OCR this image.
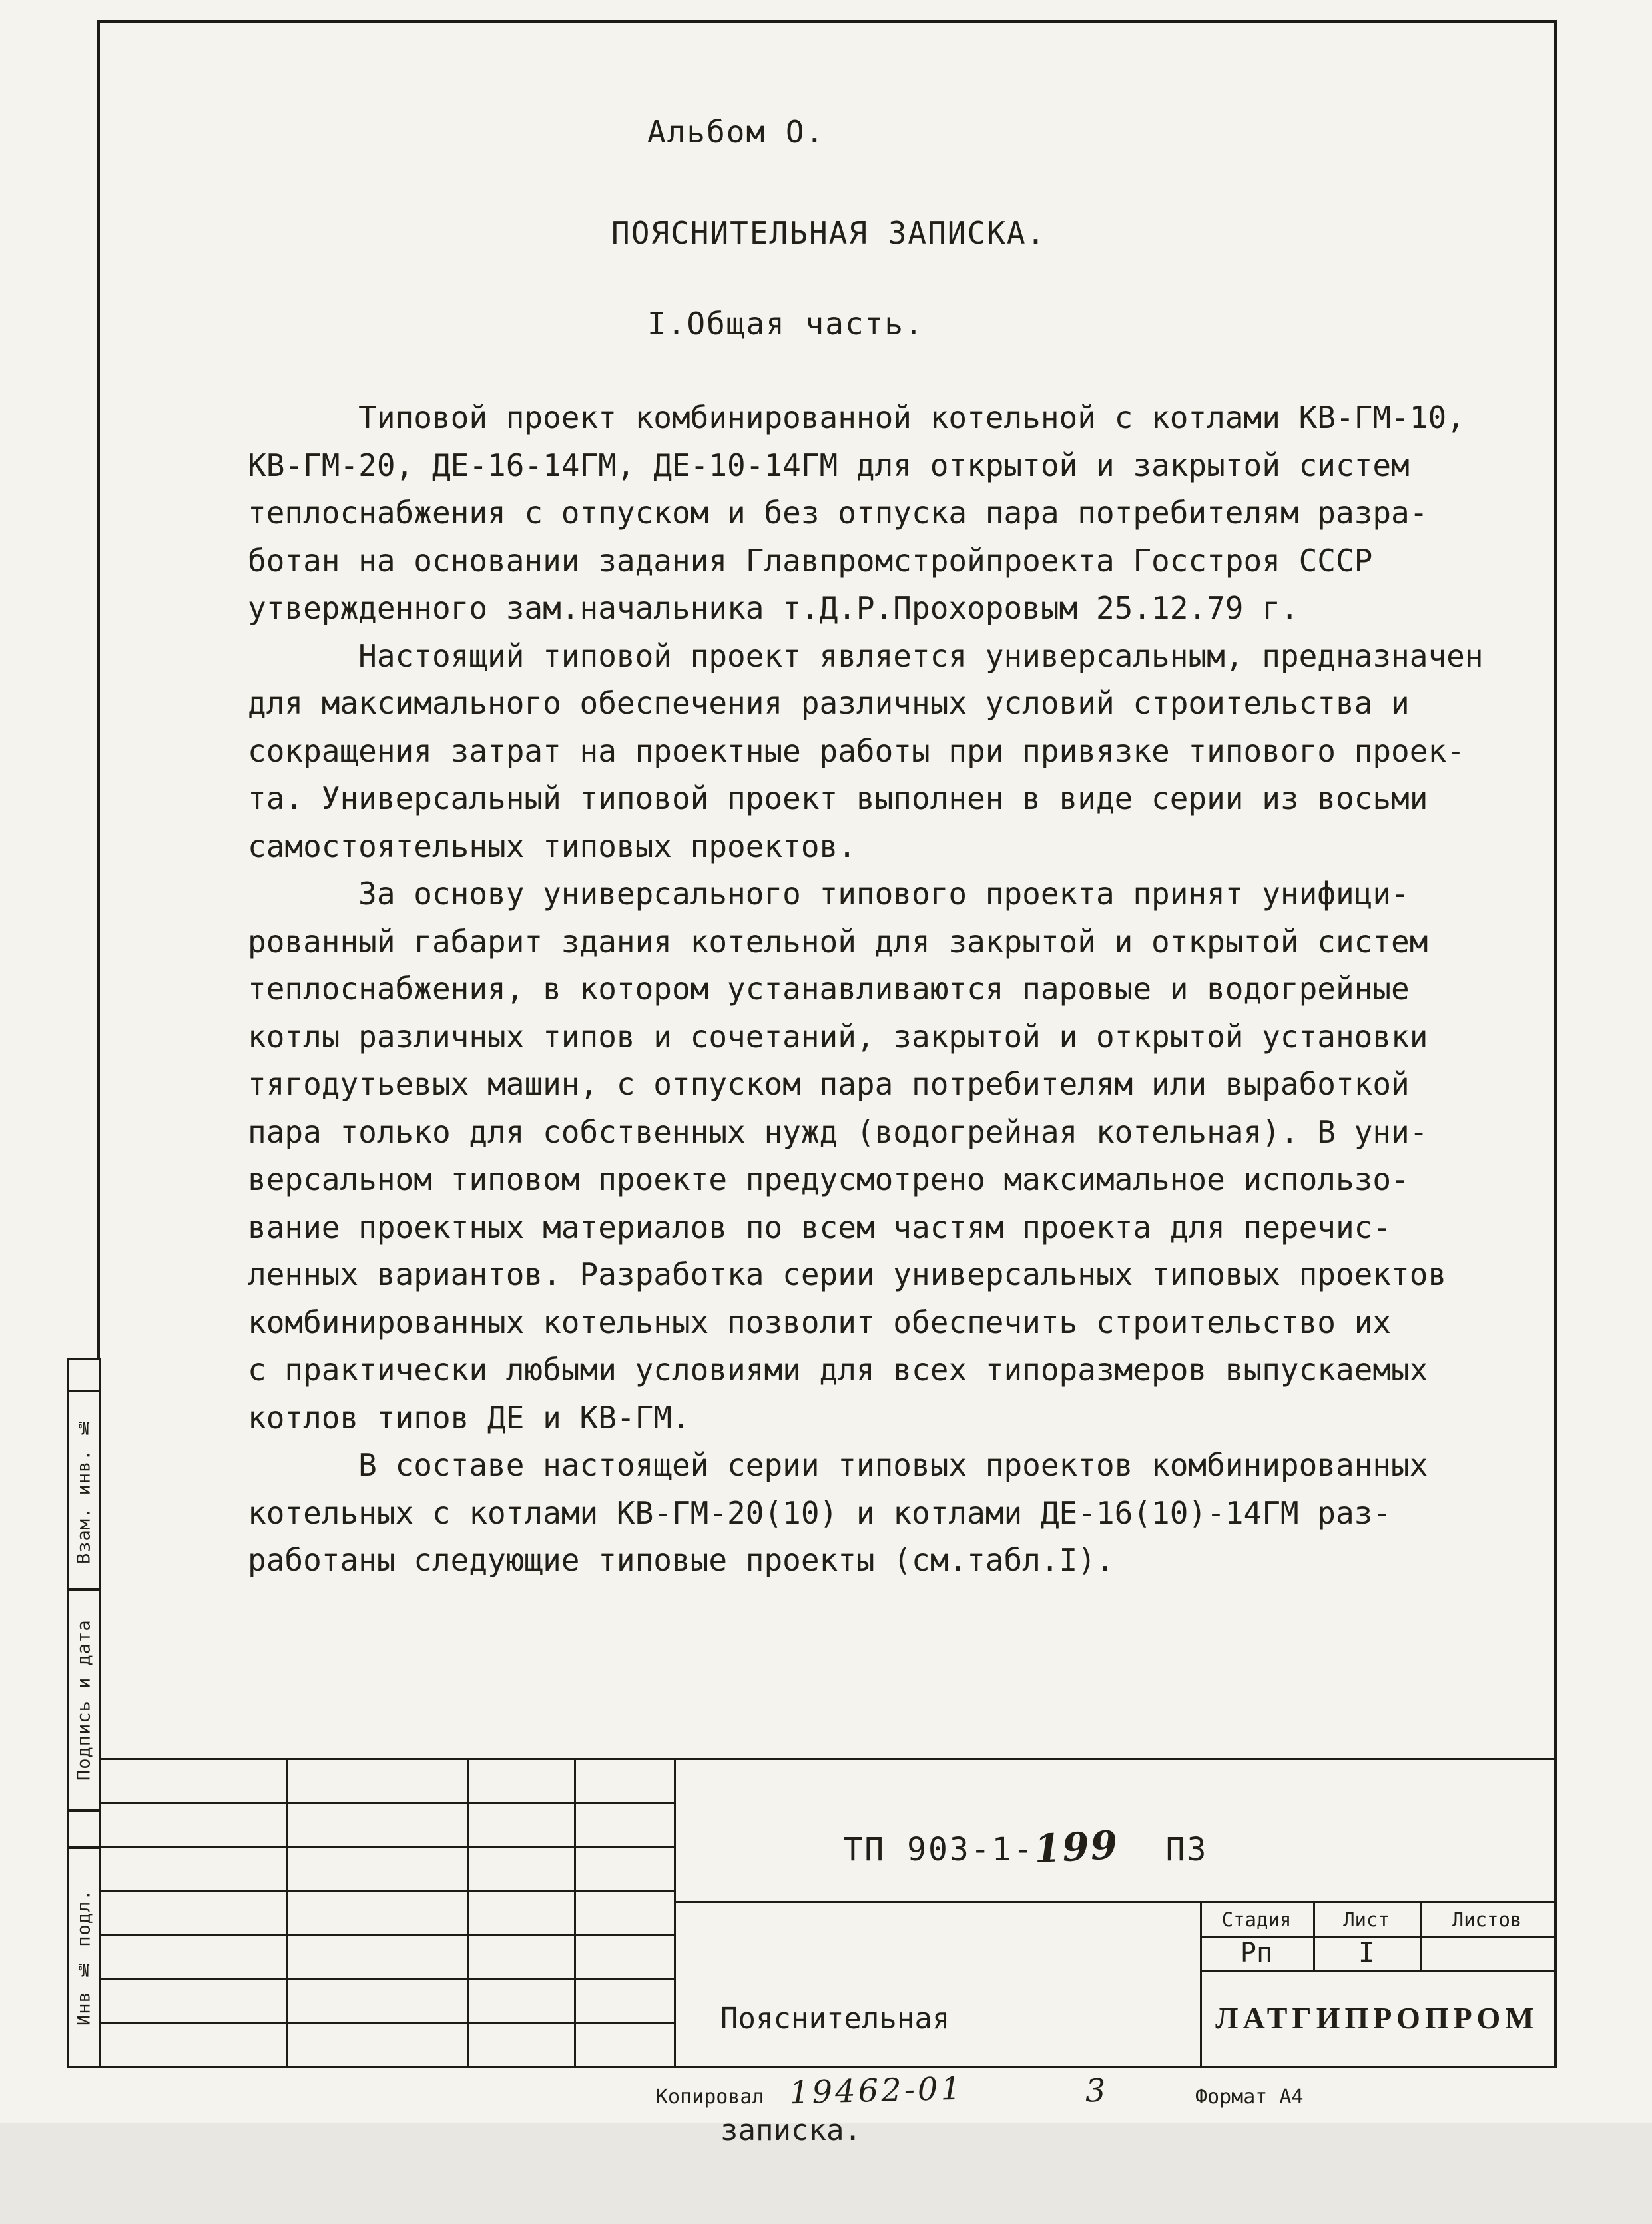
Альбом О.
ПОЯСНИТЕЛЬНАЯ ЗАПИСКА.
I.Общая часть.
Типовой проект комбинированной котельной с котлами КВ-ГМ-10,
КВ-ГМ-20, ДЕ-16-14ГМ, ДЕ-10-14ГМ для открытой и закрытой систем
теплоснабжения с отпуском и без отпуска пара потребителям разра-
ботан на основании задания Главпромстройпроекта Госстроя СССР
утвержденного зам.начальника т.Д.Р.Прохоровым 25.12.79 г.
Настоящий типовой проект является универсальным, предназначен
для максимального обеспечения различных условий строительства и
сокращения затрат на проектные работы при привязке типового проек-
та. Универсальный типовой проект выполнен в виде серии из восьми
самостоятельных типовых проектов.
За основу универсального типового проекта принят унифици-
рованный габарит здания котельной для закрытой и открытой систем
теплоснабжения, в котором устанавливаются паровые и водогрейные
котлы различных типов и сочетаний, закрытой и открытой установки
тягодутьевых машин, с отпуском пара потребителям или выработкой
пара только для собственных нужд (водогрейная котельная). В уни-
версальном типовом проекте предусмотрено максимальное использо-
вание проектных материалов по всем частям проекта для перечис-
ленных вариантов. Разработка серии универсальных типовых проектов
комбинированных котельных позволит обеспечить строительство их
с практически любыми условиями для всех типоразмеров выпускаемых
котлов типов ДЕ и КВ-ГМ.
В составе настоящей серии типовых проектов комбинированных
котельных с котлами КВ-ГМ-20(10) и котлами ДЕ-16(10)-14ГМ раз-
работаны следующие типовые проекты (см.табл.I).
Взам. инв. №
Подпись и дата
Инв № подл.

ТП 903-1-199 ПЗ

Пояснительная

записка.

Стадия	Лист	Листов
Рп	I
ЛАТГИПРОПРОМ
Копировал 19462-01	3	Формат А4
